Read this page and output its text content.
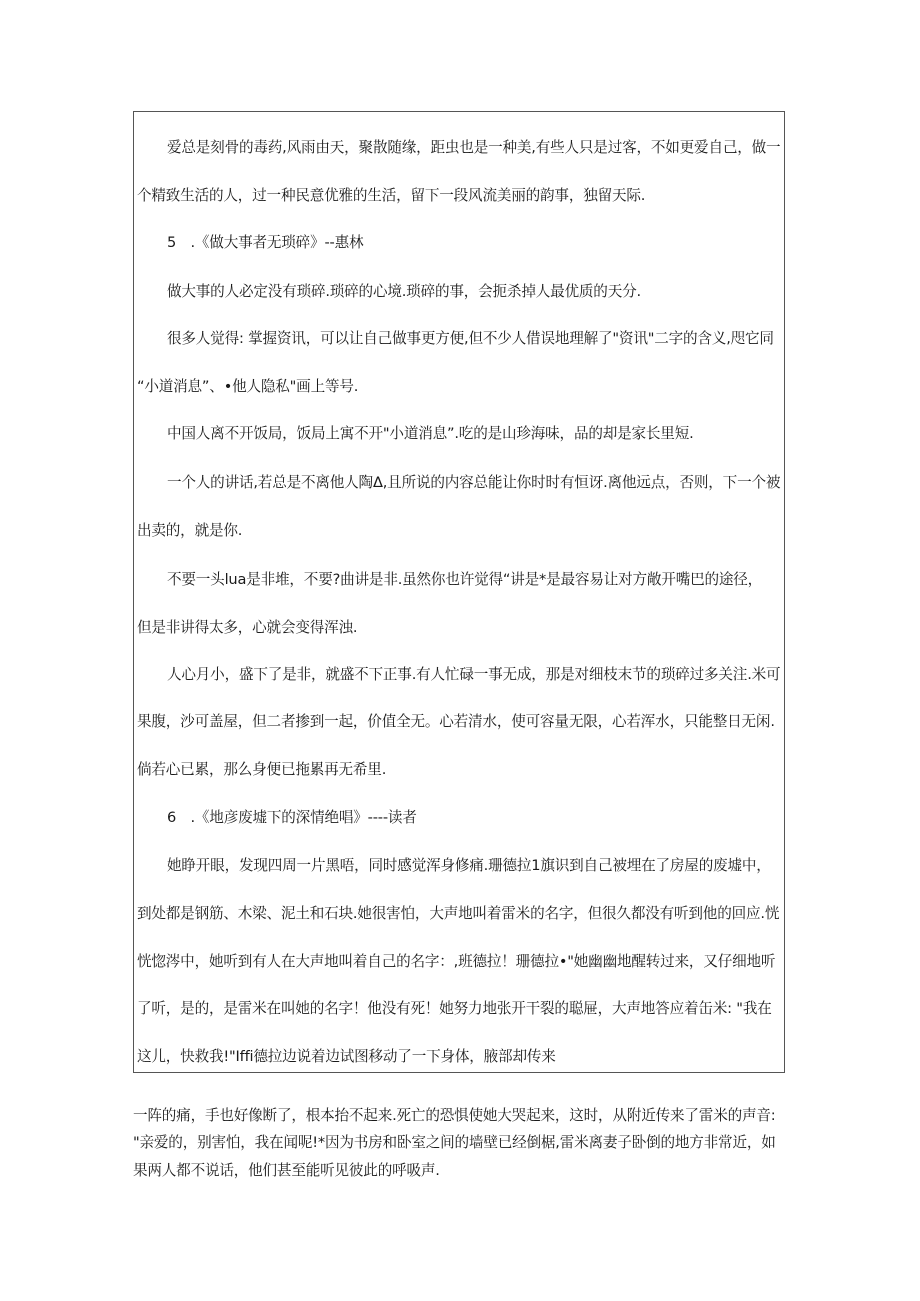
爱总是刻骨的毒药,风雨由天，聚散随缘，距虫也是一种美,有些人只是过客，不如更爱自己，做一

个精致生活的人，过一种民意优雅的生活，留下一段风流美丽的韵事，独留天际.

5　.《做大事者无琐碎》--惠林

做大事的人必定没有琐碎.琐碎的心境.琐碎的事，会扼杀掉人最优质的天分.

很多人觉得: 掌握资讯，可以让自己做事更方便,但不少人借误地理解了"资讯"二字的含义,咫它同

“小道消息”、•他人隐私"画上等号.

中国人离不开饭局，饭局上寓不开"小道消息”.吃的是山珍海味，品的却是家长里短.

一个人的讲话,若总是不离他人陶Δ,且所说的内容总能让你时时有恒讶.离他远点，否则，下一个被

出卖的，就是你.

不要一头lua是非堆，不要?曲讲是非.虽然你也许觉得“讲是*是最容易让对方敞开嘴巴的途径，

但是非讲得太多，心就会变得浑浊.

人心月小，盛下了是非，就盛不下正事.有人忙碌一事无成，那是对细枝末节的琐碎过多关注.米可

果腹，沙可盖屋，但二者掺到一起，价值全无。心若清水，使可容量无限，心若浑水，只能整日无闲.

倘若心已累，那么身便已拖累再无希里.

6　.《地彦废墟下的深情绝唱》----读者

她睁开眼，发现四周一片黑唔，同时感觉浑身修痛.珊德拉1旗识到自己被埋在了房屋的废墟中，

到处都是钢筋、木梁、泥土和石块.她很害怕，大声地叫着雷米的名字，但很久都没有听到他的回应.恍

恍惚涔中，她听到有人在大声地叫着自己的名字：,班德拉！珊德拉•"她幽幽地醒转过来，又仔细地听

了听，是的，是雷米在叫她的名字！他没有死！她努力地张开干裂的聪屉，大声地答应着缶米: "我在

这儿，快救我!"Iffi德拉边说着边试图移动了一下身体，腋部却传来

一阵的痛，手也好像断了，根本抬不起来.死亡的恐惧使她大哭起来，这时，从附近传来了雷米的声音:

"亲爱的，别害怕，我在闻呢!*因为书房和卧室之间的墙壁已经倒椐,雷米离妻子卧倒的地方非常近，如

果两人都不说话，他们甚至能听见彼此的呼吸声.
